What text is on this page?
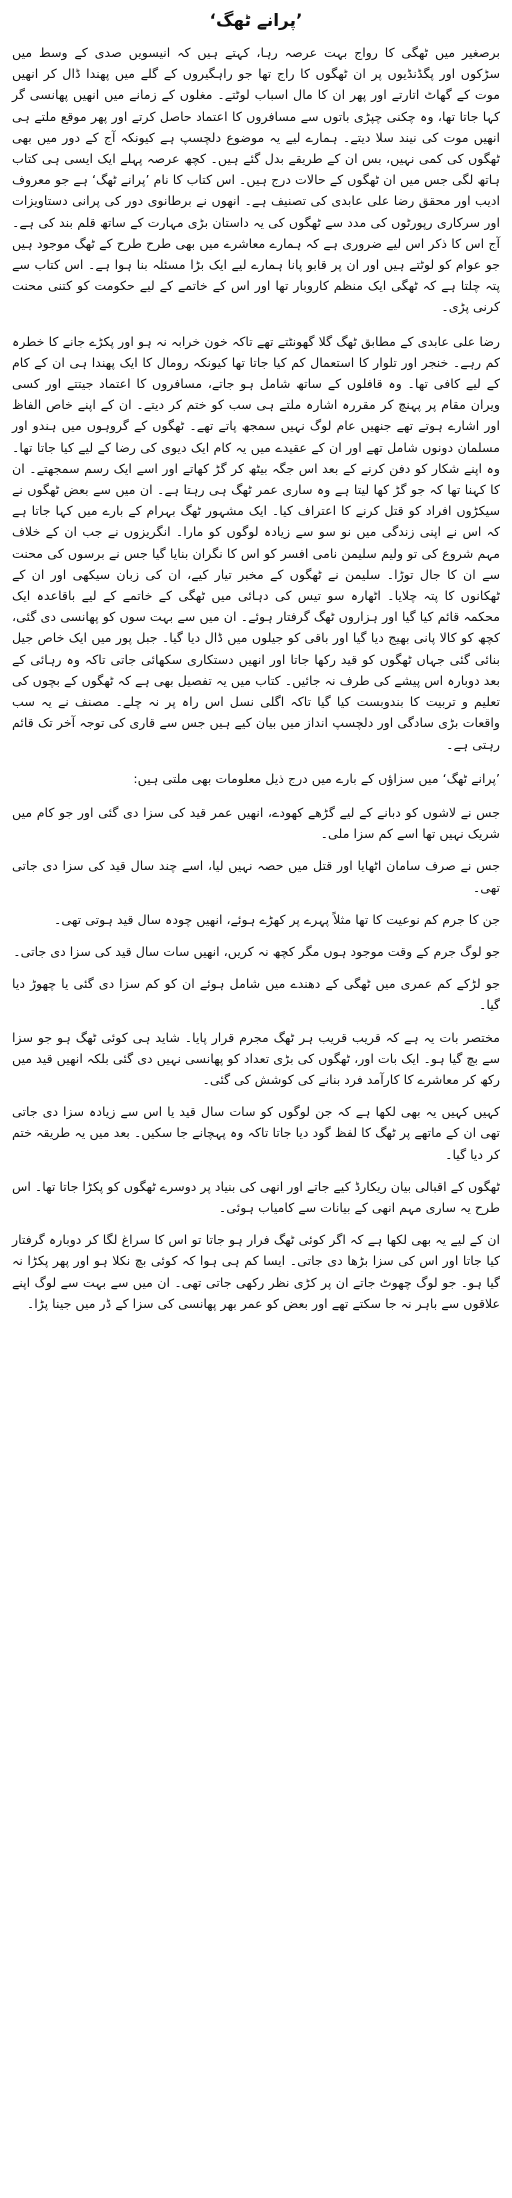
’پرانے ٹھگ‘

برصغیر میں ٹھگی کا رواج بہت عرصہ رہا، کہتے ہیں کہ انیسویں صدی کے وسط میں سڑکوں اور پگڈنڈیوں پر ان ٹھگوں کا راج تھا جو راہگیروں کے گلے میں پھندا ڈال کر انھیں موت کے گھاٹ اتارتے اور پھر ان کا مال اسباب لوٹتے۔ مغلوں کے زمانے میں انھیں پھانسی گر کہا جاتا تھا، وہ چکنی چپڑی باتوں سے مسافروں کا اعتماد حاصل کرتے اور پھر موقع ملتے ہی انھیں موت کی نیند سلا دیتے۔ ہمارے لیے یہ موضوع دلچسپ ہے کیونکہ آج کے دور میں بھی ٹھگوں کی کمی نہیں، بس ان کے طریقے بدل گئے ہیں۔ کچھ عرصہ پہلے ایک ایسی ہی کتاب ہاتھ لگی جس میں ان ٹھگوں کے حالات درج ہیں۔ اس کتاب کا نام ’پرانے ٹھگ‘ ہے جو معروف ادیب اور محقق رضا علی عابدی کی تصنیف ہے۔ انھوں نے برطانوی دور کی پرانی دستاویزات اور سرکاری رپورٹوں کی مدد سے ٹھگوں کی یہ داستان بڑی مہارت کے ساتھ قلم بند کی ہے۔ آج اس کا ذکر اس لیے ضروری ہے کہ ہمارے معاشرے میں بھی طرح طرح کے ٹھگ موجود ہیں جو عوام کو لوٹتے ہیں اور ان پر قابو پانا ہمارے لیے ایک بڑا مسئلہ بنا ہوا ہے۔ اس کتاب سے پتہ چلتا ہے کہ ٹھگی ایک منظم کاروبار تھا اور اس کے خاتمے کے لیے حکومت کو کتنی محنت کرنی پڑی۔

رضا علی عابدی کے مطابق ٹھگ گلا گھونٹتے تھے تاکہ خون خرابہ نہ ہو اور پکڑے جانے کا خطرہ کم رہے۔ خنجر اور تلوار کا استعمال کم کیا جاتا تھا کیونکہ رومال کا ایک پھندا ہی ان کے کام کے لیے کافی تھا۔ وہ قافلوں کے ساتھ شامل ہو جاتے، مسافروں کا اعتماد جیتتے اور کسی ویران مقام پر پہنچ کر مقررہ اشارہ ملتے ہی سب کو ختم کر دیتے۔ ان کے اپنے خاص الفاظ اور اشارے ہوتے تھے جنھیں عام لوگ نہیں سمجھ پاتے تھے۔ ٹھگوں کے گروہوں میں ہندو اور مسلمان دونوں شامل تھے اور ان کے عقیدے میں یہ کام ایک دیوی کی رضا کے لیے کیا جاتا تھا۔ وہ اپنے شکار کو دفن کرنے کے بعد اس جگہ بیٹھ کر گڑ کھاتے اور اسے ایک رسم سمجھتے۔ ان کا کہنا تھا کہ جو گڑ کھا لیتا ہے وہ ساری عمر ٹھگ ہی رہتا ہے۔ ان میں سے بعض ٹھگوں نے سیکڑوں افراد کو قتل کرنے کا اعتراف کیا۔ ایک مشہور ٹھگ بہرام کے بارے میں کہا جاتا ہے کہ اس نے اپنی زندگی میں نو سو سے زیادہ لوگوں کو مارا۔ انگریزوں نے جب ان کے خلاف مہم شروع کی تو ولیم سلیمن نامی افسر کو اس کا نگران بنایا گیا جس نے برسوں کی محنت سے ان کا جال توڑا۔ سلیمن نے ٹھگوں کے مخبر تیار کیے، ان کی زبان سیکھی اور ان کے ٹھکانوں کا پتہ چلایا۔ اٹھارہ سو تیس کی دہائی میں ٹھگی کے خاتمے کے لیے باقاعدہ ایک محکمہ قائم کیا گیا اور ہزاروں ٹھگ گرفتار ہوئے۔ ان میں سے بہت سوں کو پھانسی دی گئی، کچھ کو کالا پانی بھیج دیا گیا اور باقی کو جیلوں میں ڈال دیا گیا۔ جبل پور میں ایک خاص جیل بنائی گئی جہاں ٹھگوں کو قید رکھا جاتا اور انھیں دستکاری سکھائی جاتی تاکہ وہ رہائی کے بعد دوبارہ اس پیشے کی طرف نہ جائیں۔ کتاب میں یہ تفصیل بھی ہے کہ ٹھگوں کے بچوں کی تعلیم و تربیت کا بندوبست کیا گیا تاکہ اگلی نسل اس راہ پر نہ چلے۔ مصنف نے یہ سب واقعات بڑی سادگی اور دلچسپ انداز میں بیان کیے ہیں جس سے قاری کی توجہ آخر تک قائم رہتی ہے۔

’پرانے ٹھگ‘ میں سزاؤں کے بارے میں درج ذیل معلومات بھی ملتی ہیں:

جس نے لاشوں کو دبانے کے لیے گڑھے کھودے، انھیں عمر قید کی سزا دی گئی اور جو کام میں شریک نہیں تھا اسے کم سزا ملی۔
جس نے صرف سامان اٹھایا اور قتل میں حصہ نہیں لیا، اسے چند سال قید کی سزا دی جاتی تھی۔
جن کا جرم کم نوعیت کا تھا مثلاً پہرے پر کھڑے ہوئے، انھیں چودہ سال قید ہوتی تھی۔
جو لوگ جرم کے وقت موجود ہوں مگر کچھ نہ کریں، انھیں سات سال قید کی سزا دی جاتی۔
جو لڑکے کم عمری میں ٹھگی کے دھندے میں شامل ہوئے ان کو کم سزا دی گئی یا چھوڑ دیا گیا۔
مختصر بات یہ ہے کہ قریب قریب ہر ٹھگ مجرم قرار پایا۔ شاید ہی کوئی ٹھگ ہو جو سزا سے بچ گیا ہو۔ ایک بات اور، ٹھگوں کی بڑی تعداد کو پھانسی نہیں دی گئی بلکہ انھیں قید میں رکھ کر معاشرے کا کارآمد فرد بنانے کی کوشش کی گئی۔
کہیں کہیں یہ بھی لکھا ہے کہ جن لوگوں کو سات سال قید یا اس سے زیادہ سزا دی جاتی تھی ان کے ماتھے پر ٹھگ کا لفظ گود دیا جاتا تاکہ وہ پہچانے جا سکیں۔ بعد میں یہ طریقہ ختم کر دیا گیا۔
ٹھگوں کے اقبالی بیان ریکارڈ کیے جاتے اور انھی کی بنیاد پر دوسرے ٹھگوں کو پکڑا جاتا تھا۔ اس طرح یہ ساری مہم انھی کے بیانات سے کامیاب ہوئی۔
ان کے لیے یہ بھی لکھا ہے کہ اگر کوئی ٹھگ فرار ہو جاتا تو اس کا سراغ لگا کر دوبارہ گرفتار کیا جاتا اور اس کی سزا بڑھا دی جاتی۔ ایسا کم ہی ہوا کہ کوئی بچ نکلا ہو اور پھر پکڑا نہ گیا ہو۔ جو لوگ چھوٹ جاتے ان پر کڑی نظر رکھی جاتی تھی۔ ان میں سے بہت سے لوگ اپنے علاقوں سے باہر نہ جا سکتے تھے اور بعض کو عمر بھر پھانسی کی سزا کے ڈر میں جینا پڑا۔
